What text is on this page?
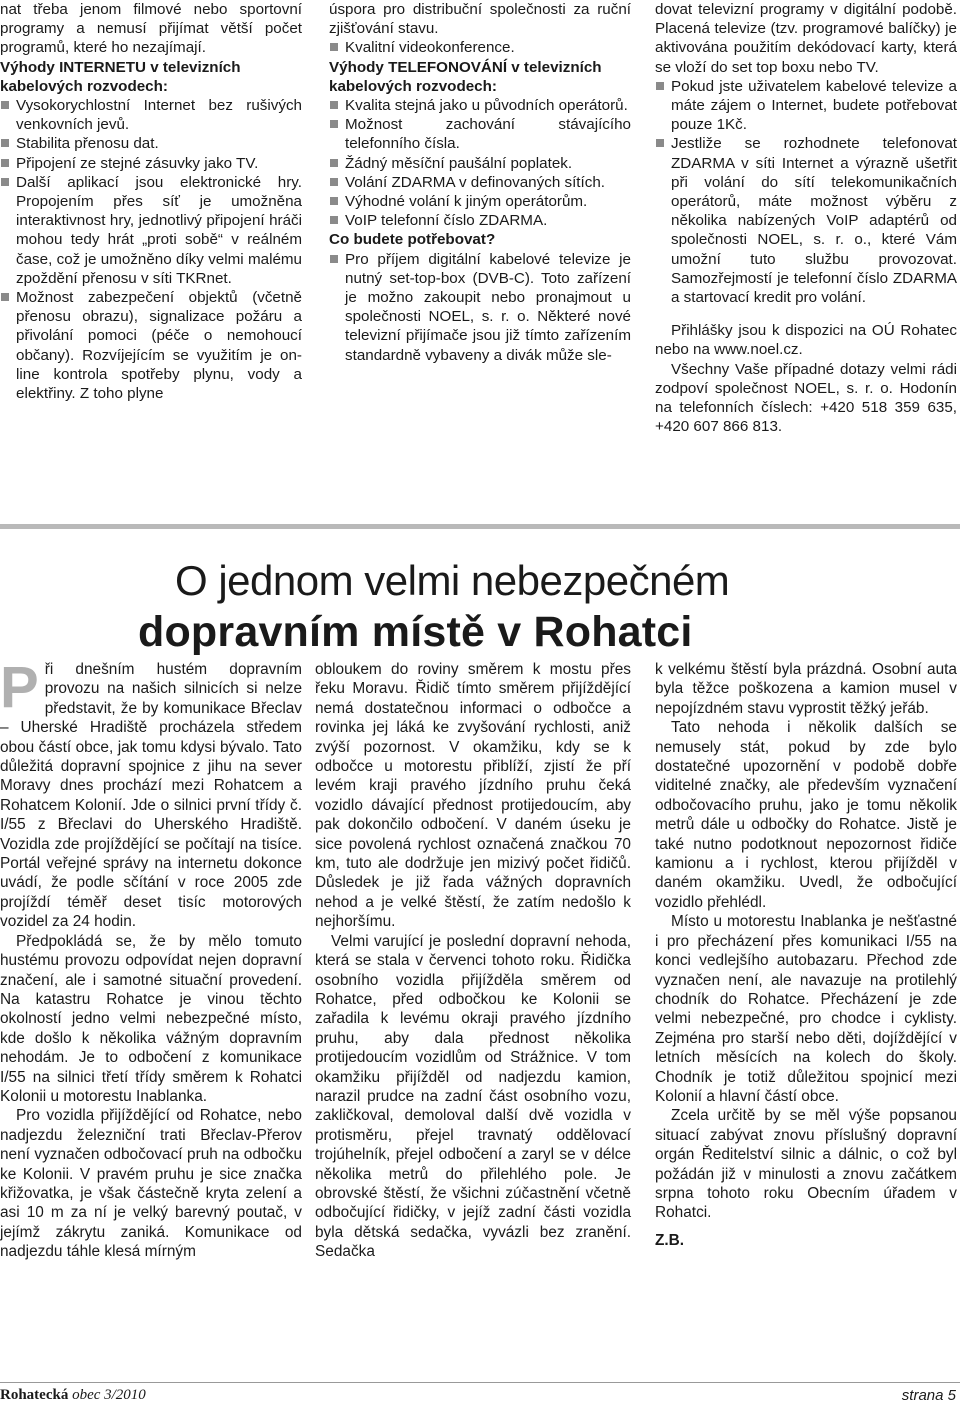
nat třeba jenom filmové nebo sportovní programy a nemusí přijímat větší počet programů, které ho nezajímají.

Výhody INTERNETU v televizních kabelových rozvodech:

Vysokorychlostní Internet bez rušivých venkovních jevů.
Stabilita přenosu dat.
Připojení ze stejné zásuvky jako TV.
Další aplikací jsou elektronické hry. Propojením přes síť je umožněna interaktivnost hry, jednotlivý připojení hráči mohou tedy hrát „proti sobě“ v reálném čase, což je umožněno díky velmi malému zpoždění přenosu v síti TKRnet.
Možnost zabezpečení objektů (včetně přenosu obrazu), signalizace požáru a přivolání pomoci (péče o nemohoucí občany). Rozvíjejícím se využitím je on-line kontrola spotřeby plynu, vody a elektřiny. Z toho plyne

úspora pro distribuční společnosti za ruční zjišťování stavu.

Kvalitní videokonference.

Výhody TELEFONOVÁNÍ v televizních kabelových rozvodech:

Kvalita stejná jako u původních operátorů.
Možnost zachování stávajícího telefonního čísla.
Žádný měsíční paušální poplatek.
Volání ZDARMA v definovaných sítích.
Výhodné volání k jiným operátorům.
VoIP telefonní číslo ZDARMA.

Co budete potřebovat?

Pro příjem digitální kabelové televize je nutný set-top-box (DVB-C). Toto zařízení je možno zakoupit nebo pronajmout u společnosti NOEL, s. r. o. Některé nové televizní přijímače jsou již tímto zařízením standardně vybaveny a divák může sle-

dovat televizní programy v digitální podobě. Placená televize (tzv. programové balíčky) je aktivována použitím dekódovací karty, která se vloží do set top boxu nebo TV.

Pokud jste uživatelem kabelové televize a máte zájem o Internet, budete potřebovat pouze 1Kč.
Jestliže se rozhodnete telefonovat ZDARMA v síti Internet a výrazně ušetřit při volání do sítí telekomunikačních operátorů, máte možnost výběru z několika nabízených VoIP adaptérů od společnosti NOEL, s. r. o., které Vám umožní tuto službu provozovat. Samozřejmostí je telefonní číslo ZDARMA a startovací kredit pro volání.

Přihlášky jsou k dispozici na OÚ Rohatec nebo na www.noel.cz.

Všechny Vaše případné dotazy velmi rádi zodpoví společnost NOEL, s. r. o. Hodonín na telefonních číslech: +420 518 359 635, +420 607 866 813.

O jednom velmi nebezpečném
dopravním místě v Rohatci

Při dnešním hustém dopravním provozu na našich silnicích si nelze představit, že by komunikace Břeclav – Uherské Hradiště procházela středem obou částí obce, jak tomu kdysi bývalo. Tato důležitá dopravní spojnice z jihu na sever Moravy dnes prochází mezi Rohatcem a Rohatcem Kolonií. Jde o silnici první třídy č. I/55 z Břeclavi do Uherského Hradiště. Vozidla zde projíždějící se počítají na tisíce. Portál veřejné správy na internetu dokonce uvádí, že podle sčítání v roce 2005 zde projíždí téměř deset tisíc motorových vozidel za 24 hodin.

Předpokládá se, že by mělo tomuto hustému provozu odpovídat nejen dopravní značení, ale i samotné situační provedení. Na katastru Rohatce je vinou těchto okolností jedno velmi nebezpečné místo, kde došlo k několika vážným dopravním nehodám. Je to odbočení z komunikace I/55 na silnici třetí třídy směrem k Rohatci Kolonii u motorestu Inablanka.

Pro vozidla přijíždějící od Rohatce, nebo nadjezdu železniční trati Břeclav-Přerov není vyznačen odbočovací pruh na odbočku ke Kolonii. V pravém pruhu je sice značka křižovatka, je však částečně kryta zelení a asi 10 m za ní je velký barevný poutač, v jejímž zákrytu zaniká. Komunikace od nadjezdu táhle klesá mírným

obloukem do roviny směrem k mostu přes řeku Moravu. Řidič tímto směrem přijíždějící nemá dostatečnou informaci o odbočce a rovinka jej láká ke zvyšování rychlosti, aniž zvýší pozornost. V okamžiku, kdy se k odbočce u motorestu přiblíží, zjistí že pří levém kraji pravého jízdního pruhu čeká vozidlo dávající přednost protijedoucím, aby pak dokončilo odbočení. V daném úseku je sice povolená rychlost označená značkou 70 km, tuto ale dodržuje jen mizivý počet řidičů. Důsledek je již řada vážných dopravních nehod a je velké štěstí, že zatím nedošlo k nejhoršímu.

Velmi varující je poslední dopravní nehoda, která se stala v červenci tohoto roku. Řidička osobního vozidla přijížděla směrem od Rohatce, před odbočkou ke Kolonii se zařadila k levému okraji pravého jízdního pruhu, aby dala přednost několika protijedoucím vozidlům od Strážnice. V tom okamžiku přijížděl od nadjezdu kamion, narazil prudce na zadní část osobního vozu, zakličkoval, demoloval další dvě vozidla v protisměru, přejel travnatý oddělovací trojúhelník, přejel odbočení a zaryl se v délce několika metrů do přilehlého pole. Je obrovské štěstí, že všichni zúčastnění včetně odbočující řidičky, v jejíž zadní části vozidla byla dětská sedačka, vyvázli bez zranění. Sedačka

k velkému štěstí byla prázdná. Osobní auta byla těžce poškozena a kamion musel v nepojízdném stavu vyprostit těžký jeřáb.

Tato nehoda i několik dalších se nemusely stát, pokud by zde bylo dostatečné upozornění v podobě dobře viditelné značky, ale především vyznačení odbočovacího pruhu, jako je tomu několik metrů dále u odbočky do Rohatce. Jistě je také nutno podotknout nepozornost řidiče kamionu a i rychlost, kterou přijížděl v daném okamžiku. Uvedl, že odbočující vozidlo přehlédl.

Místo u motorestu Inablanka je nešťastné i pro přecházení přes komunikaci I/55 na konci vedlejšího autobazaru. Přechod zde vyznačen není, ale navazuje na protilehlý chodník do Rohatce. Přecházení je zde velmi nebezpečné, pro chodce i cyklisty. Zejména pro starší nebo děti, dojíždějící v letních měsících na kolech do školy. Chodník je totiž důležitou spojnicí mezi Kolonií a hlavní částí obce.

Zcela určitě by se měl výše popsanou situací zabývat znovu příslušný dopravní orgán Ředitelství silnic a dálnic, o což byl požádán již v minulosti a znovu začátkem srpna tohoto roku Obecním úřadem v Rohatci.

Z.B.

Rohatecká obec 3/2010	strana 5
